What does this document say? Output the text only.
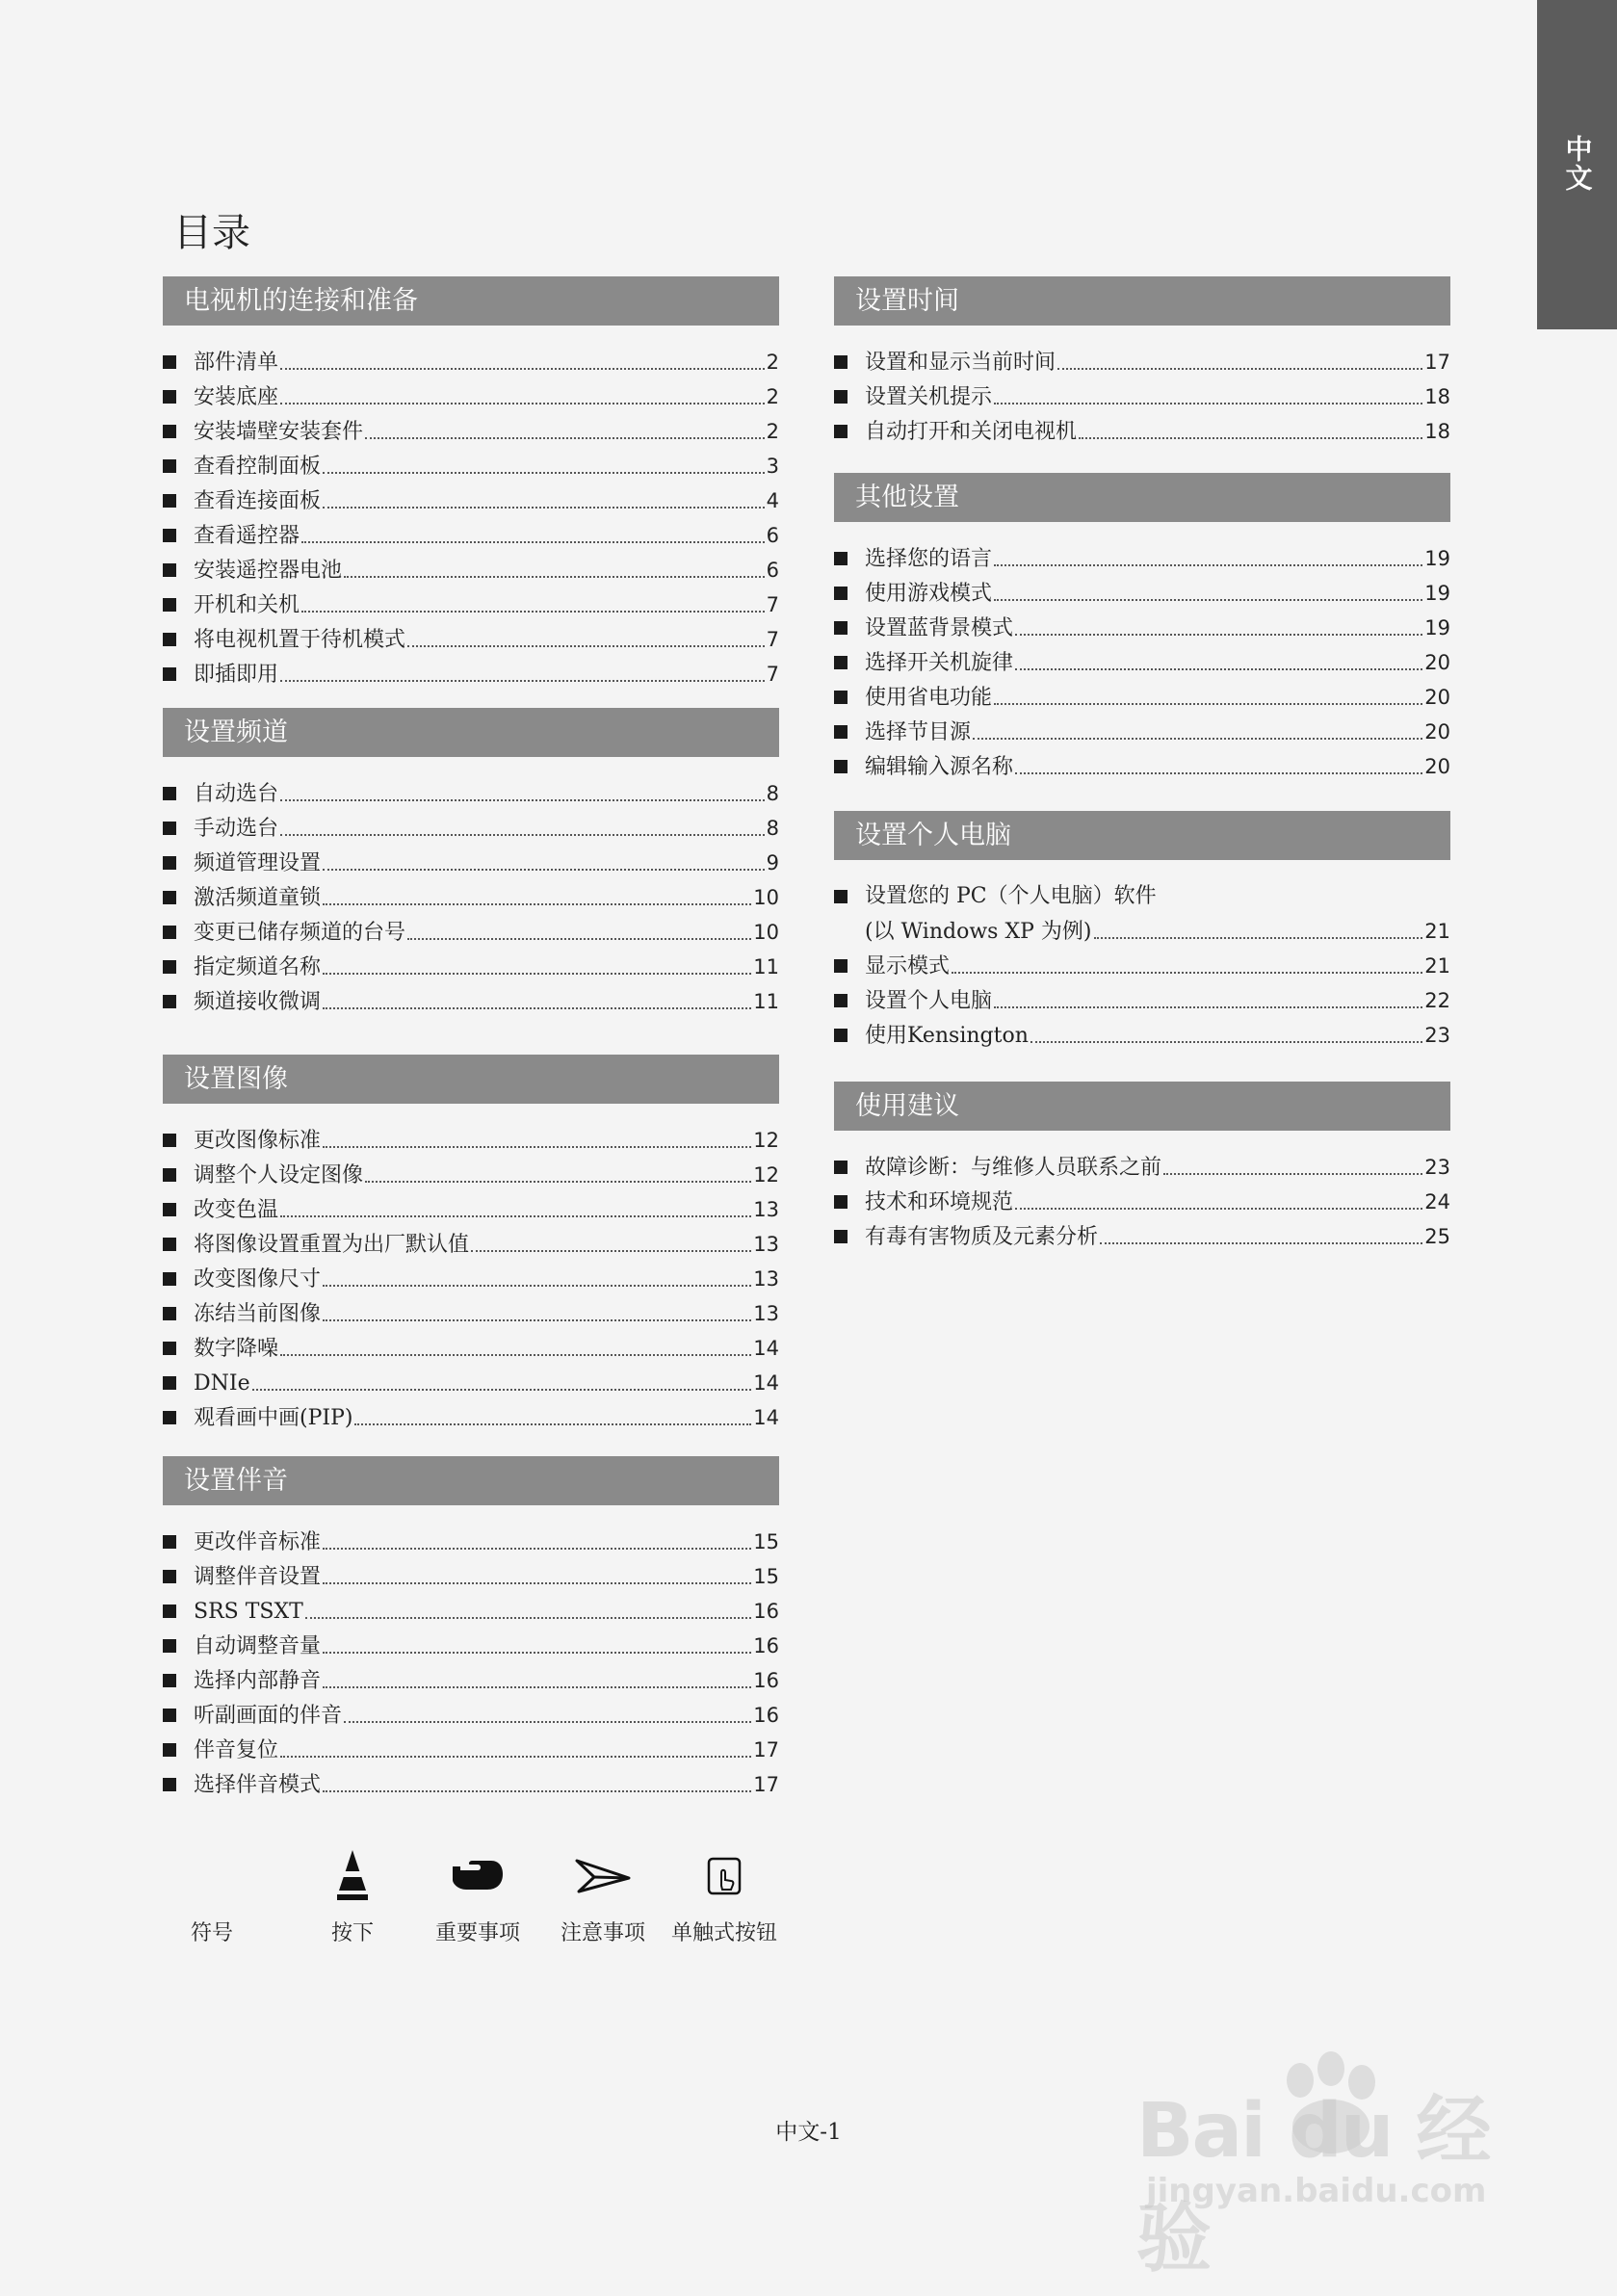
中文
目录
电视机的连接和准备
部件清单	2
安装底座	2
安装墙壁安装套件	2
查看控制面板	3
查看连接面板	4
查看遥控器	6
安装遥控器电池	6
开机和关机	7
将电视机置于待机模式	7
即插即用	7
设置频道
自动选台	8
手动选台	8
频道管理设置	9
激活频道童锁	10
变更已储存频道的台号	10
指定频道名称	11
频道接收微调	11
设置图像
更改图像标准	12
调整个人设定图像	12
改变色温	13
将图像设置重置为出厂默认值	13
改变图像尺寸	13
冻结当前图像	13
数字降噪	14
DNIe	14
观看画中画(PIP)	14
设置伴音
更改伴音标准	15
调整伴音设置	15
SRS TSXT	16
自动调整音量	16
选择内部静音	16
听副画面的伴音	16
伴音复位	17
选择伴音模式	17
设置时间
设置和显示当前时间	17
设置关机提示	18
自动打开和关闭电视机	18
其他设置
选择您的语言	19
使用游戏模式	19
设置蓝背景模式	19
选择开关机旋律	20
使用省电功能	20
选择节目源	20
编辑输入源名称	20
设置个人电脑
设置您的 PC（个人电脑）软件
(以 Windows XP 为例)	21
显示模式	21
设置个人电脑	22
使用Kensington	23
使用建议
故障诊断：与维修人员联系之前	23
技术和环境规范	24
有毒有害物质及元素分析	25
符号	按下	重要事项	注意事项	单触式按钮
中文-1	Bai du 经验
jingyan.baidu.com
